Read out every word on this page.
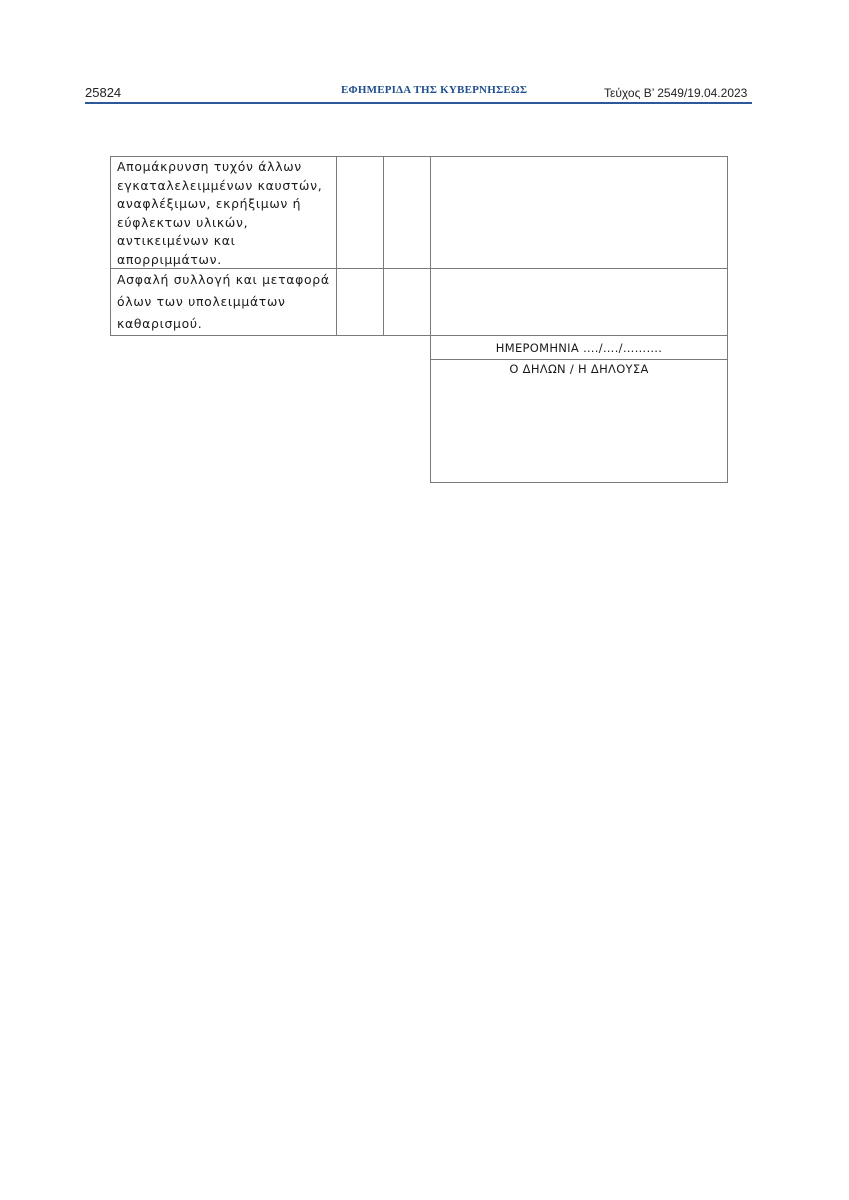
25824	ΕΦΗΜΕΡΙΔΑ ΤΗΣ ΚΥΒΕΡΝΗΣΕΩΣ	Τεύχος Β’ 2549/19.04.2023
Απομάκρυνση τυχόν άλλων
εγκαταλελειμμένων καυστών,
αναφλέξιμων, εκρήξιμων ή
εύφλεκτων υλικών,
αντικειμένων και
απορριμμάτων.
Ασφαλή συλλογή και μεταφορά
όλων των υπολειμμάτων
καθαρισμού.
ΗΜΕΡΟΜΗΝΙΑ …./…./……….
Ο ΔΗΛΩΝ / Η ΔΗΛΟΥΣΑ
